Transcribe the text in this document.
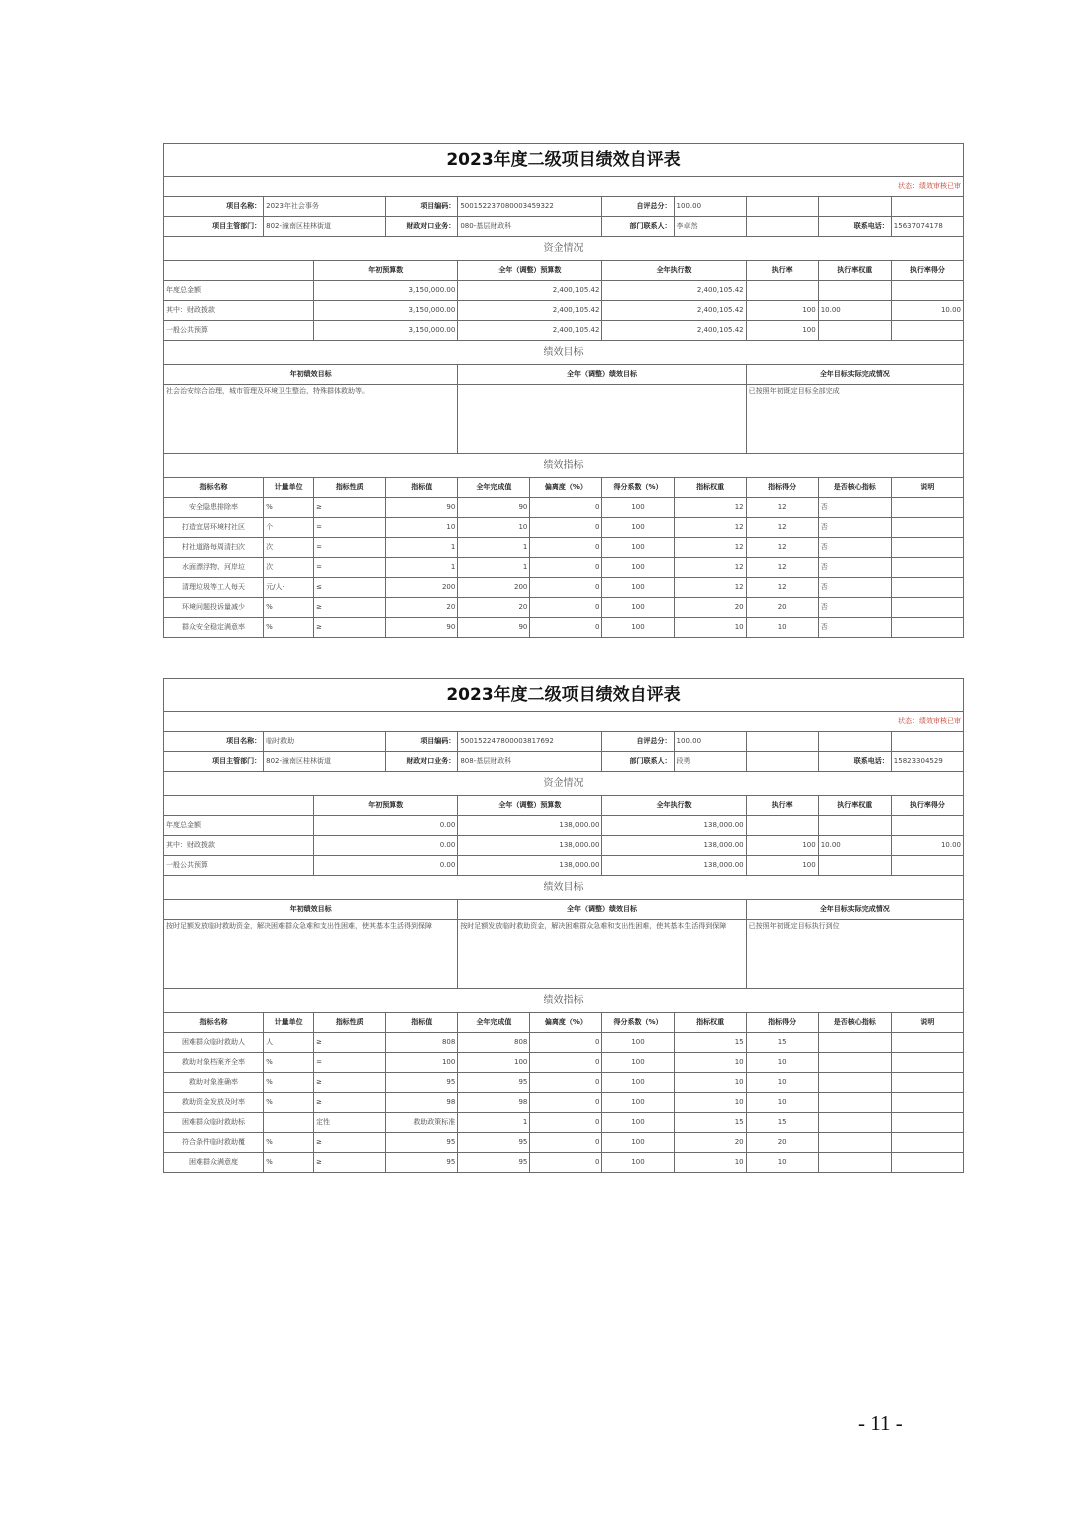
2023年度二级项目绩效自评表										
状态：绩效审核已审										
项目名称：	2023年社会事务		项目编码：	500152237080003459322		自评总分：	100.00			
项目主管部门：	802-潼南区桂林街道		财政对口业务：	080-基层财政科		部门联系人：	李卓然		联系电话：	15637074178
资金情况										
		年初预算数		全年（调整）预算数		全年执行数		执行率	执行率权重	执行率得分
年度总金额		3,150,000.00		2,400,105.42		2,400,105.42				
其中：财政拨款		3,150,000.00		2,400,105.42		2,400,105.42		100	10.00	10.00
一般公共预算		3,150,000.00		2,400,105.42		2,400,105.42		100		
绩效目标										
年初绩效目标				全年（调整）绩效目标				全年目标实际完成情况		
社会治安综合治理，城市管理及环境卫生整治，特殊群体救助等。								已按照年初既定目标全部完成		
绩效指标										
指标名称	计量单位	指标性质	指标值	全年完成值	偏离度（%）	得分系数（%）	指标权重	指标得分	是否核心指标	说明
安全隐患排除率	%	≥	90	90	0	100	12	12	否	
打造宜居环境村社区	个	=	10	10	0	100	12	12	否	
村社道路每周清扫次	次	=	1	1	0	100	12	12	否	
水面漂浮物、河岸垃	次	=	1	1	0	100	12	12	否	
清理垃圾等工人每天	元/人·	≤	200	200	0	100	12	12	否	
环境问题投诉量减少	%	≥	20	20	0	100	20	20	否	
群众安全稳定满意率	%	≥	90	90	0	100	10	10	否	
2023年度二级项目绩效自评表										
状态：绩效审核已审										
项目名称：	临时救助		项目编码：	500152247800003817692		自评总分：	100.00			
项目主管部门：	802-潼南区桂林街道		财政对口业务：	808-基层财政科		部门联系人：	段勇		联系电话：	15823304529
资金情况										
		年初预算数		全年（调整）预算数		全年执行数		执行率	执行率权重	执行率得分
年度总金额		0.00		138,000.00		138,000.00				
其中：财政拨款		0.00		138,000.00		138,000.00		100	10.00	10.00
一般公共预算		0.00		138,000.00		138,000.00		100		
绩效目标										
年初绩效目标				全年（调整）绩效目标				全年目标实际完成情况		
按时足额发放临时救助资金，解决困难群众急难和支出性困难，使其基本生活得到保障				按时足额发放临时救助资金，解决困难群众急难和支出性困难，使其基本生活得到保障				已按照年初既定目标执行到位		
绩效指标										
指标名称	计量单位	指标性质	指标值	全年完成值	偏离度（%）	得分系数（%）	指标权重	指标得分	是否核心指标	说明
困难群众临时救助人	人	≥	808	808	0	100	15	15		
救助对象档案齐全率	%	=	100	100	0	100	10	10		
救助对象准确率	%	≥	95	95	0	100	10	10		
救助资金发放及时率	%	≥	98	98	0	100	10	10		
困难群众临时救助标		定性	救助政策标准	1	0	100	15	15		
符合条件临时救助覆	%	≥	95	95	0	100	20	20		
困难群众满意度	%	≥	95	95	0	100	10	10		
- 11 -
